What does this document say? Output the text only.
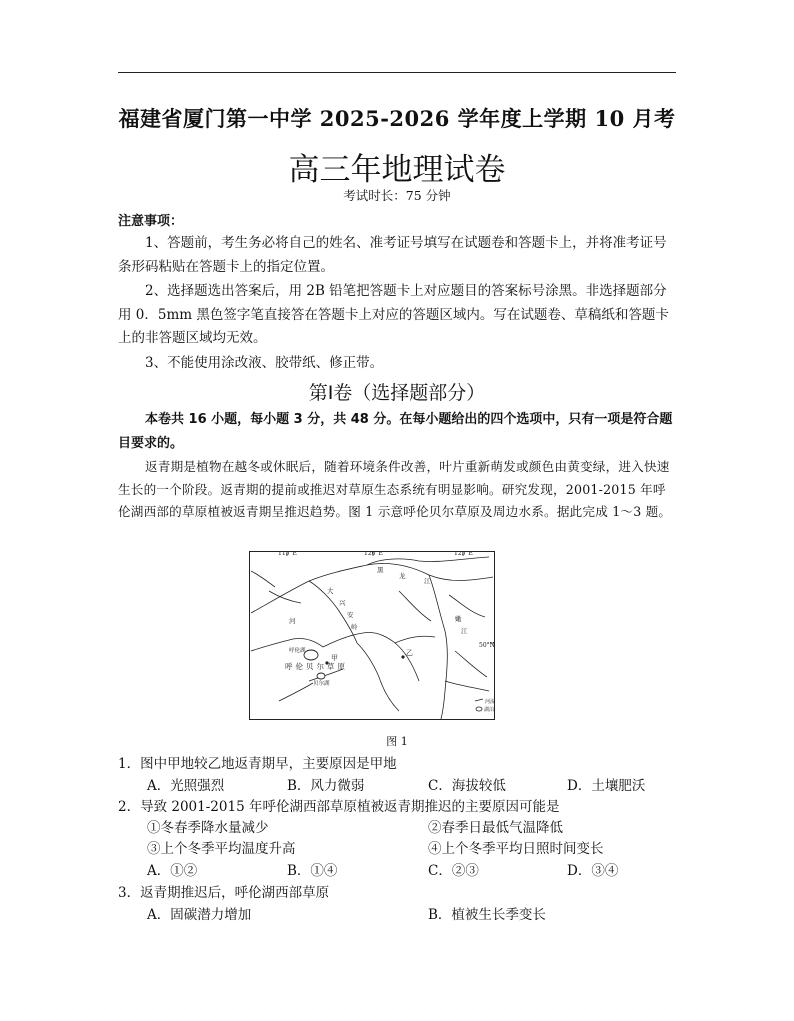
福建省厦门第一中学 2025-2026 学年度上学期 10 月考
高三年地理试卷
考试时长：75 分钟
注意事项：
1、答题前，考生务必将自己的姓名、准考证号填写在试题卷和答题卡上，并将准考证号条形码粘贴在答题卡上的指定位置。
2、选择题选出答案后，用 2B 铅笔把答题卡上对应题目的答案标号涂黑。非选择题部分用 0．5mm 黑色签字笔直接答在答题卡上对应的答题区域内。写在试题卷、草稿纸和答题卡上的非答题区域均无效。
3、不能使用涂改液、胶带纸、修正带。
第Ⅰ卷（选择题部分）
本卷共 16 小题，每小题 3 分，共 48 分。在每小题给出的四个选项中，只有一项是符合题目要求的。
返青期是植物在越冬或休眠后，随着环境条件改善，叶片重新萌发或颜色由黄变绿，进入快速生长的一个阶段。返青期的提前或推迟对草原生态系统有明显影响。研究发现，2001-2015 年呼伦湖西部的草原植被返青期呈推迟趋势。图 1 示意呼伦贝尔草原及周边水系。据此完成 1～3 题。
115°E	120°E	125°E
50°N
呼伦湖
甲
乙
呼伦贝尔草原
贝尔湖
黑
龙
江
大
兴
安
岭
嫩
江
河
河流
湖泊
图 1
1．图中甲地较乙地返青期早，主要原因是甲地
A．光照强烈	B．风力微弱	C．海拔较低	D．土壤肥沃
2．导致 2001-2015 年呼伦湖西部草原植被返青期推迟的主要原因可能是
①冬春季降水量减少	②春季日最低气温降低
③上个冬季平均温度升高	④上个冬季平均日照时间变长
A．①②	B．①④	C．②③	D．③④
3．返青期推迟后，呼伦湖西部草原
A．固碳潜力增加	B．植被生长季变长
